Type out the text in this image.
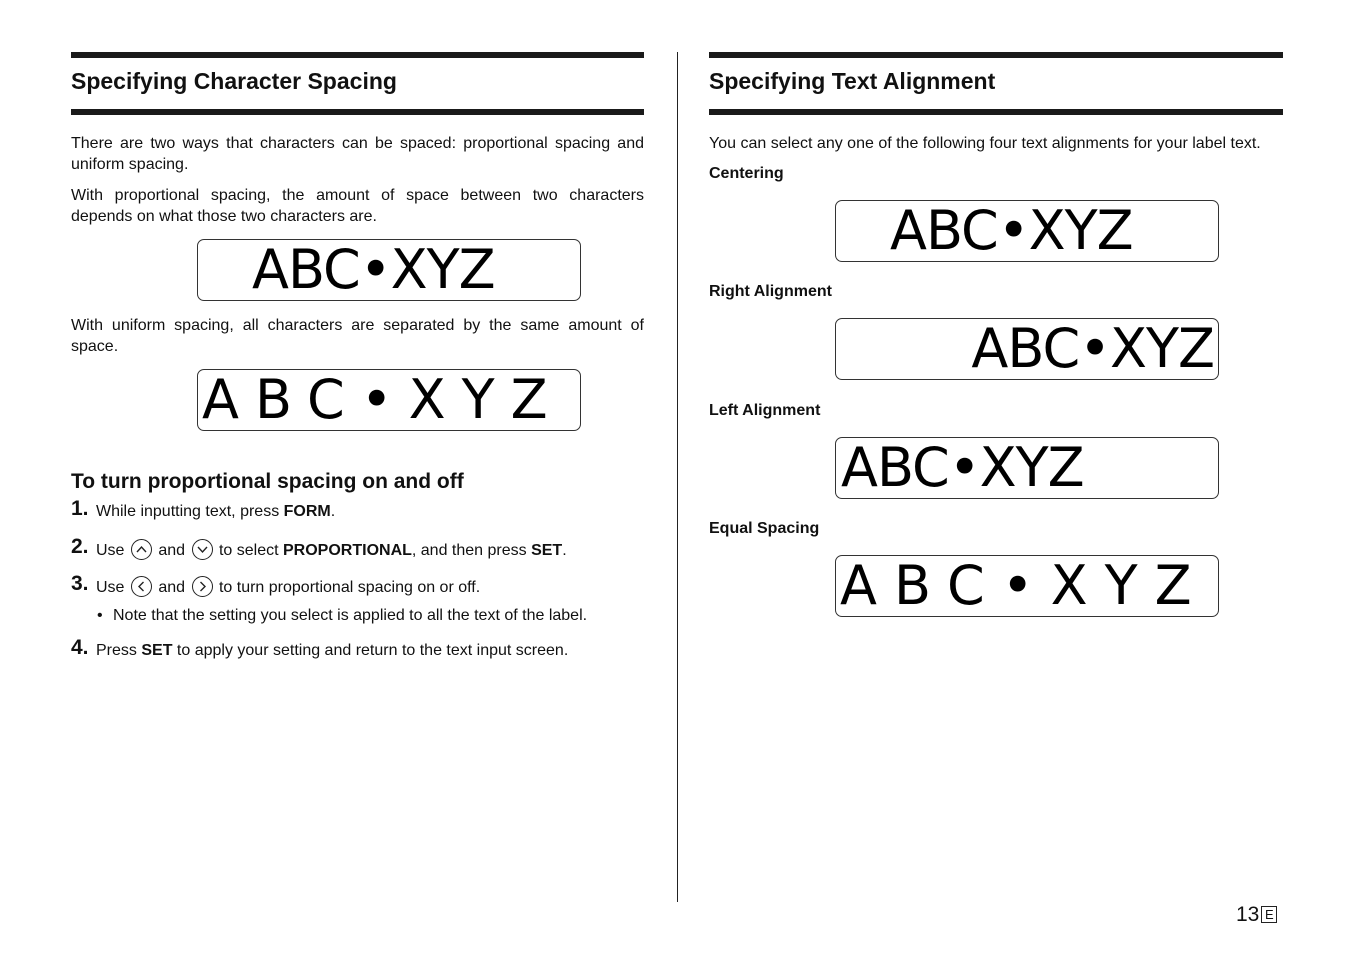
Specifying Character Spacing

There are two ways that characters can be spaced: proportional spacing and uniform spacing.

With proportional spacing, the amount of space between two characters depends on what those two characters are.

ABC•XYZ

With uniform spacing, all characters are separated by the same amount of space.

ABC•XYZ
To turn proportional spacing on and off
1. While inputting text, press FORM.
2. Use and to select PROPORTIONAL, and then press SET.
3. Use and to turn proportional spacing on or off.
• Note that the setting you select is applied to all the text of the label.
4. Press SET to apply your setting and return to the text input screen.
Specifying Text Alignment

You can select any one of the following four text alignments for your label text.

Centering
ABC•XYZ
Right Alignment
ABC•XYZ
Left Alignment
ABC•XYZ
Equal Spacing
ABC•XYZ
13 E
